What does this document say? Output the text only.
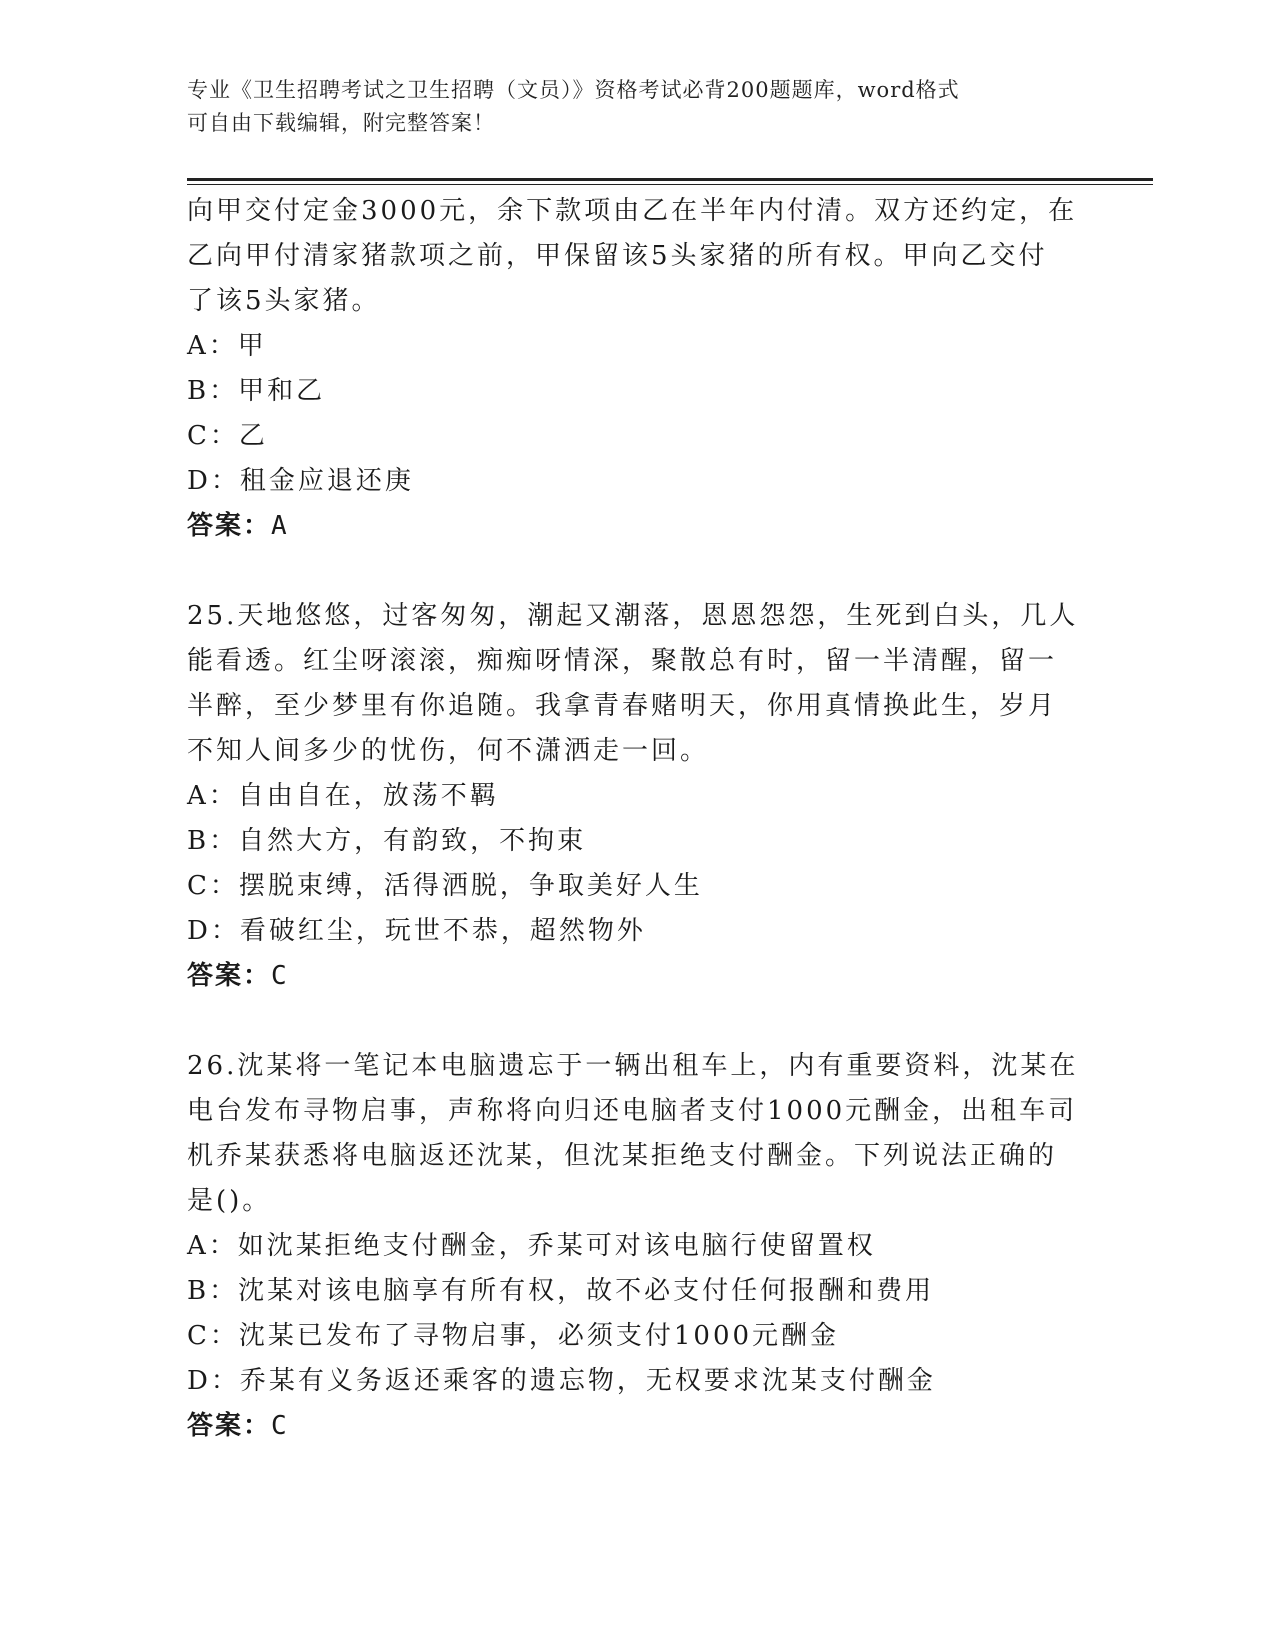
专业《卫生招聘考试之卫生招聘（文员）》资格考试必背200题题库，word格式
可自由下载编辑，附完整答案！

向甲交付定金3000元，余下款项由乙在半年内付清。双方还约定，在

乙向甲付清家猪款项之前，甲保留该5头家猪的所有权。甲向乙交付

了该5头家猪。

A：甲

B：甲和乙

C：乙

D：租金应退还庚

答案：A

25.天地悠悠，过客匆匆，潮起又潮落，恩恩怨怨，生死到白头，几人

能看透。红尘呀滚滚，痴痴呀情深，聚散总有时，留一半清醒，留一

半醉，至少梦里有你追随。我拿青春赌明天，你用真情换此生，岁月

不知人间多少的忧伤，何不潇洒走一回。

A：自由自在，放荡不羁

B：自然大方，有韵致，不拘束

C：摆脱束缚，活得洒脱，争取美好人生

D：看破红尘，玩世不恭，超然物外

答案：C

26.沈某将一笔记本电脑遗忘于一辆出租车上，内有重要资料，沈某在

电台发布寻物启事，声称将向归还电脑者支付1000元酬金，出租车司

机乔某获悉将电脑返还沈某，但沈某拒绝支付酬金。下列说法正确的

是()。

A：如沈某拒绝支付酬金，乔某可对该电脑行使留置权

B：沈某对该电脑享有所有权，故不必支付任何报酬和费用

C：沈某已发布了寻物启事，必须支付1000元酬金

D：乔某有义务返还乘客的遗忘物，无权要求沈某支付酬金

答案：C
